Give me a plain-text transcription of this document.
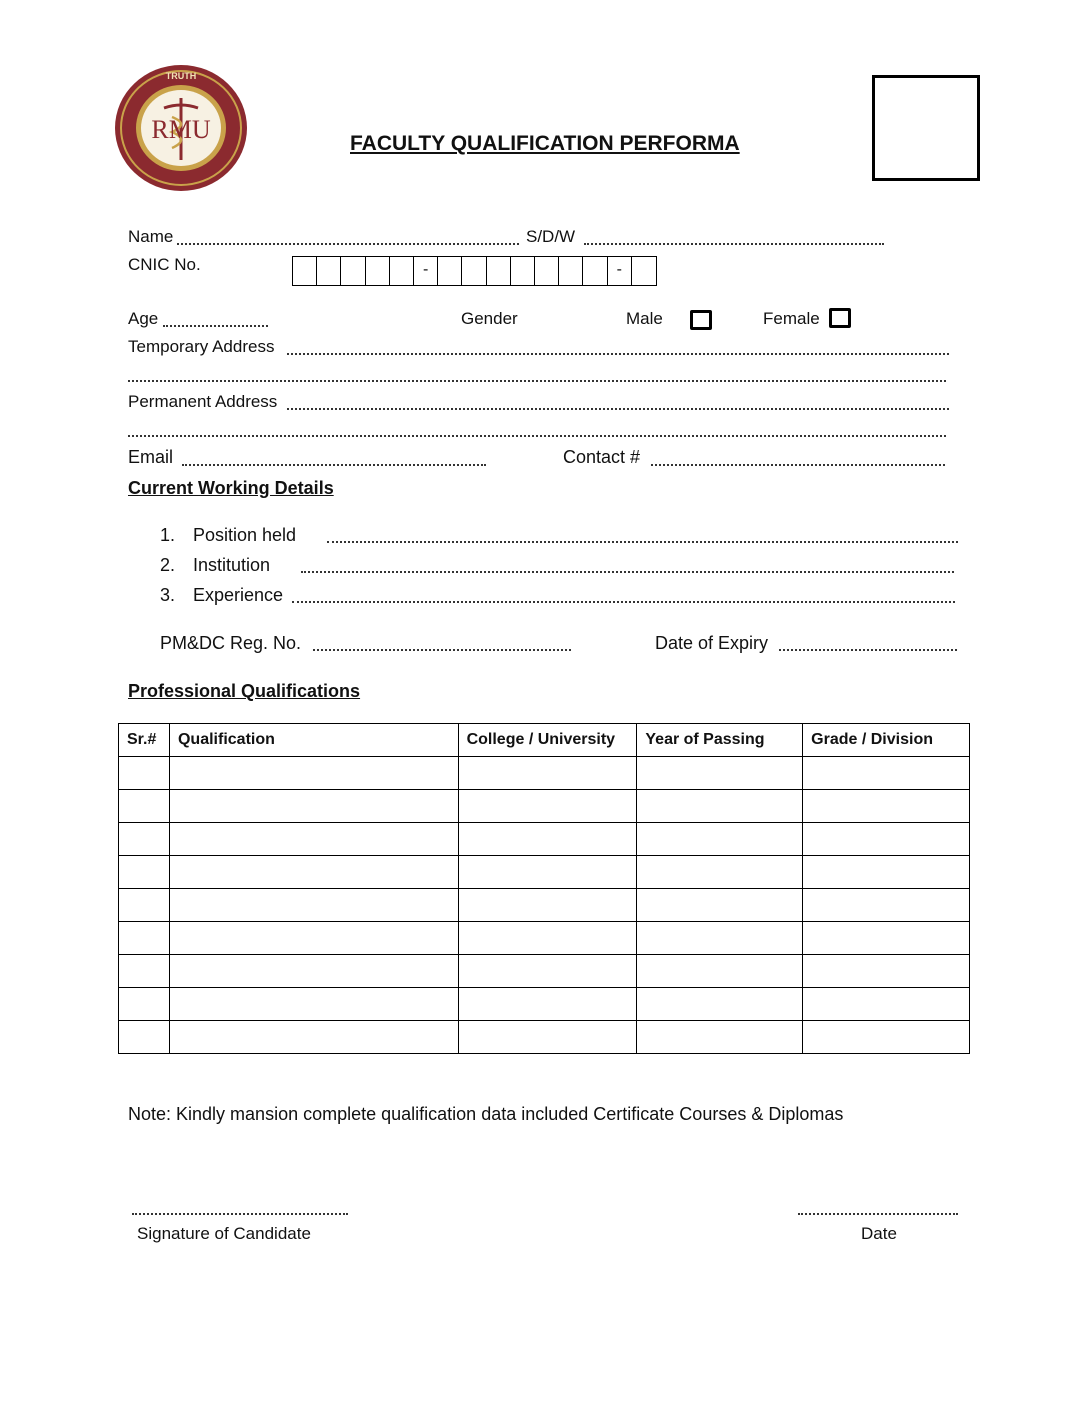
RMU
TRUTH
FACULTY QUALIFICATION PERFORMA
Name	S/D/W
CNIC No.	-	-
Age	Gender	Male	Female
Temporary Address
Permanent Address
Email	Contact #
Current Working Details
1. Position held
2. Institution
3. Experience
PM&DC Reg. No.	Date of Expiry
Professional Qualifications
Sr.#	Qualification	College / University	Year of Passing	Grade / Division

Note: Kindly mansion complete qualification data included Certificate Courses & Diplomas
Signature of Candidate	Date
